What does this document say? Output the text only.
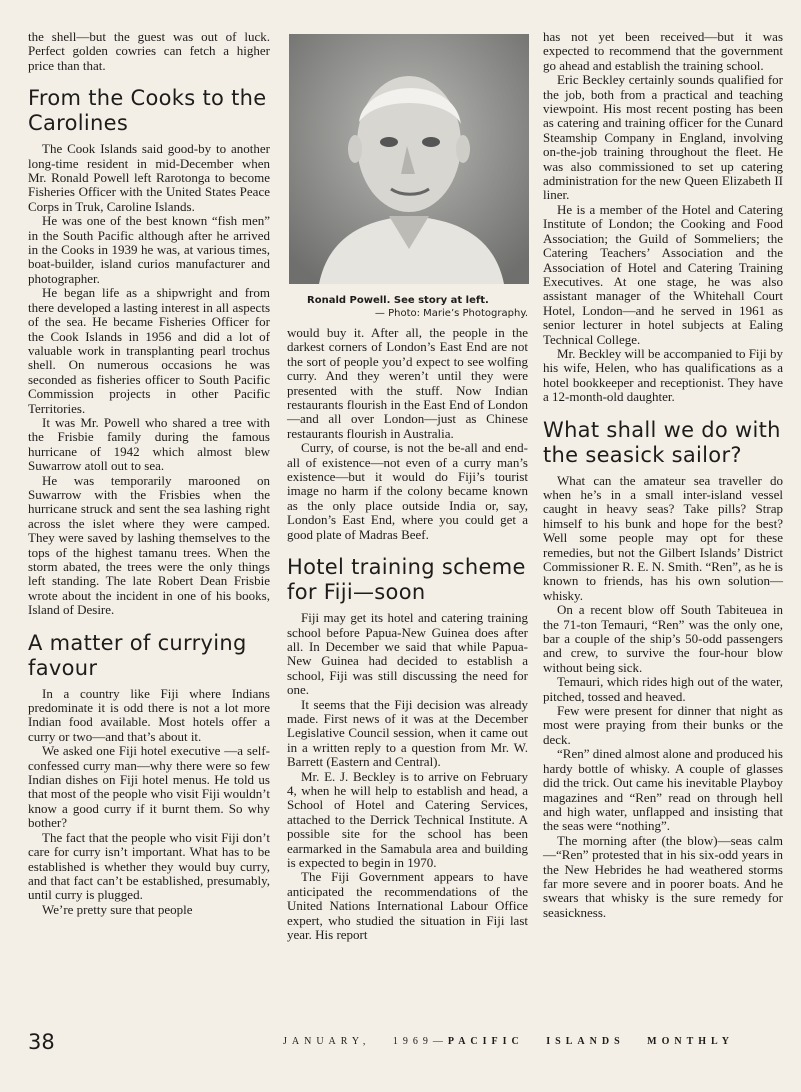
the shell—but the guest was out of luck. Perfect golden cowries can fetch a higher price than that.

From the Cooks to the Carolines

The Cook Islands said good-by to another long-time resident in mid-December when Mr. Ronald Powell left Rarotonga to become Fisheries Officer with the United States Peace Corps in Truk, Caroline Islands.

He was one of the best known “fish men” in the South Pacific although after he arrived in the Cooks in 1939 he was, at various times, boat-builder, island curios manufacturer and photographer.

He began life as a shipwright and from there developed a lasting interest in all aspects of the sea. He became Fisheries Officer for the Cook Islands in 1956 and did a lot of valuable work in transplanting pearl trochus shell. On numerous occasions he was seconded as fisheries officer to South Pacific Commission projects in other Pacific Territories.

It was Mr. Powell who shared a tree with the Frisbie family during the famous hurricane of 1942 which almost blew Suwarrow atoll out to sea.

He was temporarily marooned on Suwarrow with the Frisbies when the hurricane struck and sent the sea lashing right across the islet where they were camped. They were saved by lashing themselves to the tops of the highest tamanu trees. When the storm abated, the trees were the only things left standing. The late Robert Dean Frisbie wrote about the incident in one of his books, Island of Desire.

A matter of currying favour

In a country like Fiji where Indians predominate it is odd there is not a lot more Indian food available. Most hotels offer a curry or two—and that’s about it.

We asked one Fiji hotel executive —a self-confessed curry man—why there were so few Indian dishes on Fiji hotel menus. He told us that most of the people who visit Fiji wouldn’t know a good curry if it burnt them. So why bother?

The fact that the people who visit Fiji don’t care for curry isn’t important. What has to be established is whether they would buy curry, and that fact can’t be established, presumably, until curry is plugged.

We’re pretty sure that people

Ronald Powell. See story at left.
— Photo: Marie’s Photography.

would buy it. After all, the people in the darkest corners of London’s East End are not the sort of people you’d expect to see wolfing curry. And they weren’t until they were presented with the stuff. Now Indian restaurants flourish in the East End of London—and all over London—just as Chinese restaurants flourish in Australia.

Curry, of course, is not the be-all and end-all of existence—not even of a curry man’s existence—but it would do Fiji’s tourist image no harm if the colony became known as the only place outside India or, say, London’s East End, where you could get a good plate of Madras Beef.

Hotel training scheme for Fiji—soon

Fiji may get its hotel and catering training school before Papua-New Guinea does after all. In December we said that while Papua-New Guinea had decided to establish a school, Fiji was still discussing the need for one.

It seems that the Fiji decision was already made. First news of it was at the December Legislative Council session, when it came out in a written reply to a question from Mr. W. Barrett (Eastern and Central).

Mr. E. J. Beckley is to arrive on February 4, when he will help to establish and head, a School of Hotel and Catering Services, attached to the Derrick Technical Institute. A possible site for the school has been earmarked in the Samabula area and building is expected to begin in 1970.

The Fiji Government appears to have anticipated the recommendations of the United Nations International Labour Office expert, who studied the situation in Fiji last year. His report

has not yet been received—but it was expected to recommend that the government go ahead and establish the training school.

Eric Beckley certainly sounds qualified for the job, both from a practical and teaching viewpoint. His most recent posting has been as catering and training officer for the Cunard Steamship Company in England, involving on-the-job training throughout the fleet. He was also commissioned to set up catering administration for the new Queen Elizabeth II liner.

He is a member of the Hotel and Catering Institute of London; the Cooking and Food Association; the Guild of Sommeliers; the Catering Teachers’ Association and the Association of Hotel and Catering Training Executives. At one stage, he was also assistant manager of the Whitehall Court Hotel, London—and he served in 1961 as senior lecturer in hotel subjects at Ealing Technical College.

Mr. Beckley will be accompanied to Fiji by his wife, Helen, who has qualifications as a hotel bookkeeper and receptionist. They have a 12-month-old daughter.

What shall we do with the seasick sailor?

What can the amateur sea traveller do when he’s in a small inter-island vessel caught in heavy seas? Take pills? Strap himself to his bunk and hope for the best? Well some people may opt for these remedies, but not the Gilbert Islands’ District Commissioner R. E. N. Smith. “Ren”, as he is known to friends, has his own solution—whisky.

On a recent blow off South Tabiteuea in the 71-ton Temauri, “Ren” was the only one, bar a couple of the ship’s 50-odd passengers and crew, to survive the four-hour blow without being sick.

Temauri, which rides high out of the water, pitched, tossed and heaved.

Few were present for dinner that night as most were praying from their bunks or the deck.

“Ren” dined almost alone and produced his hardy bottle of whisky. A couple of glasses did the trick. Out came his inevitable Playboy magazines and “Ren” read on through hell and high water, unflapped and insisting that the seas were “nothing”.

The morning after (the blow)—seas calm—“Ren” protested that in his six-odd years in the New Hebrides he had weathered storms far more severe and in poorer boats. And he swears that whisky is the sure remedy for seasickness.

38	JANUARY, 1969—PACIFIC ISLANDS MONTHLY
